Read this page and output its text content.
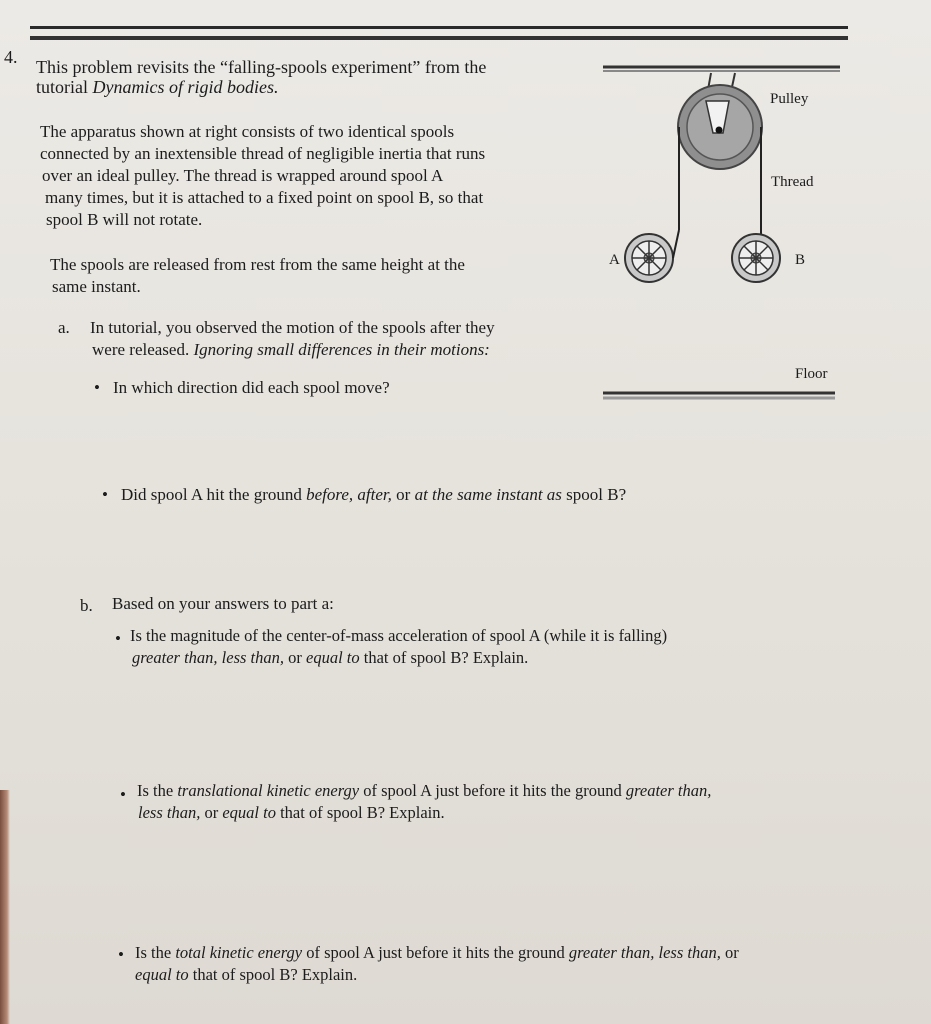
4. This problem revisits the “falling-spools experiment” from the
tutorial Dynamics of rigid bodies.
The apparatus shown at right consists of two identical spools
connected by an inextensible thread of negligible inertia that runs
over an ideal pulley. The thread is wrapped around spool A
many times, but it is attached to a fixed point on spool B, so that
spool B will not rotate.
The spools are released from rest from the same height at the
same instant.
Pulley
Thread
A	B
Floor
a. In tutorial, you observed the motion of the spools after they
were released. Ignoring small differences in their motions:
• In which direction did each spool move?
• Did spool A hit the ground before, after, or at the same instant as spool B?
b. Based on your answers to part a:
• Is the magnitude of the center-of-mass acceleration of spool A (while it is falling)
greater than, less than, or equal to that of spool B? Explain.
• Is the translational kinetic energy of spool A just before it hits the ground greater than,
less than, or equal to that of spool B? Explain.
• Is the total kinetic energy of spool A just before it hits the ground greater than, less than, or
equal to that of spool B? Explain.
